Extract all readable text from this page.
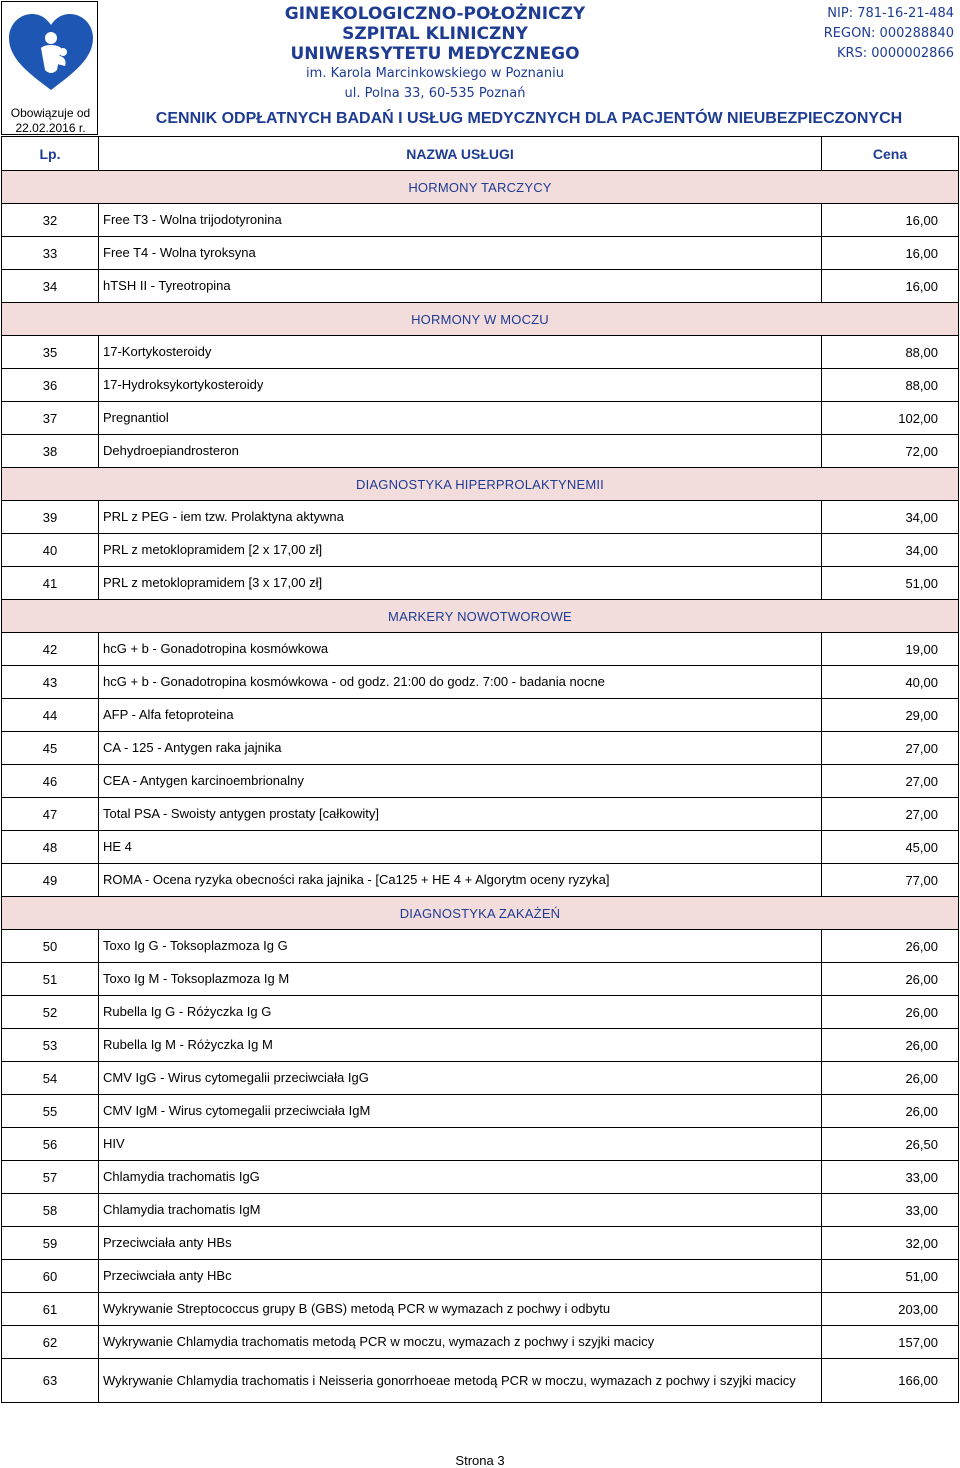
Obowiązuje od
22.02.2016 r.
GINEKOLOGICZNO-POŁOŻNICZY
SZPITAL KLINICZNY
UNIWERSYTETU MEDYCZNEGO
im. Karola Marcinkowskiego w Poznaniu
ul. Polna 33, 60-535 Poznań
NIP: 781-16-21-484
REGON: 000288840
KRS: 0000002866
CENNIK ODPŁATNYCH BADAŃ I USŁUG MEDYCZNYCH DLA PACJENTÓW NIEUBEZPIECZONYCH
Lp.	NAZWA USŁUGI	Cena
HORMONY TARCZYCY		
32	Free T3 - Wolna trijodotyronina	16,00
33	Free T4 - Wolna tyroksyna	16,00
34	hTSH II - Tyreotropina	16,00
HORMONY W MOCZU		
35	17-Kortykosteroidy	88,00
36	17-Hydroksykortykosteroidy	88,00
37	Pregnantiol	102,00
38	Dehydroepiandrosteron	72,00
DIAGNOSTYKA HIPERPROLAKTYNEMII		
39	PRL z PEG - iem tzw. Prolaktyna aktywna	34,00
40	PRL z metoklopramidem [2 x 17,00 zł]	34,00
41	PRL z metoklopramidem [3 x 17,00 zł]	51,00
MARKERY NOWOTWOROWE		
42	hcG + b - Gonadotropina kosmówkowa	19,00
43	hcG + b - Gonadotropina kosmówkowa - od godz. 21:00 do godz. 7:00 - badania nocne	40,00
44	AFP - Alfa fetoproteina	29,00
45	CA - 125 - Antygen raka jajnika	27,00
46	CEA - Antygen karcinoembrionalny	27,00
47	Total PSA - Swoisty antygen prostaty [całkowity]	27,00
48	HE 4	45,00
49	ROMA - Ocena ryzyka obecności raka jajnika - [Ca125 + HE 4 + Algorytm oceny ryzyka]	77,00
DIAGNOSTYKA ZAKAŻEŃ		
50	Toxo Ig G - Toksoplazmoza Ig G	26,00
51	Toxo Ig M - Toksoplazmoza Ig M	26,00
52	Rubella Ig G - Różyczka Ig G	26,00
53	Rubella Ig M - Różyczka Ig M	26,00
54	CMV IgG - Wirus cytomegalii przeciwciała IgG	26,00
55	CMV IgM - Wirus cytomegalii przeciwciała IgM	26,00
56	HIV	26,50
57	Chlamydia trachomatis IgG	33,00
58	Chlamydia trachomatis IgM	33,00
59	Przeciwciała anty HBs	32,00
60	Przeciwciała anty HBc	51,00
61	Wykrywanie Streptococcus grupy B (GBS) metodą PCR w wymazach z pochwy i odbytu	203,00
62	Wykrywanie Chlamydia trachomatis metodą PCR w moczu, wymazach z pochwy i szyjki macicy	157,00
63	Wykrywanie Chlamydia trachomatis i Neisseria gonorrhoeae metodą PCR w moczu, wymazach z pochwy i szyjki macicy	166,00
Strona 3
